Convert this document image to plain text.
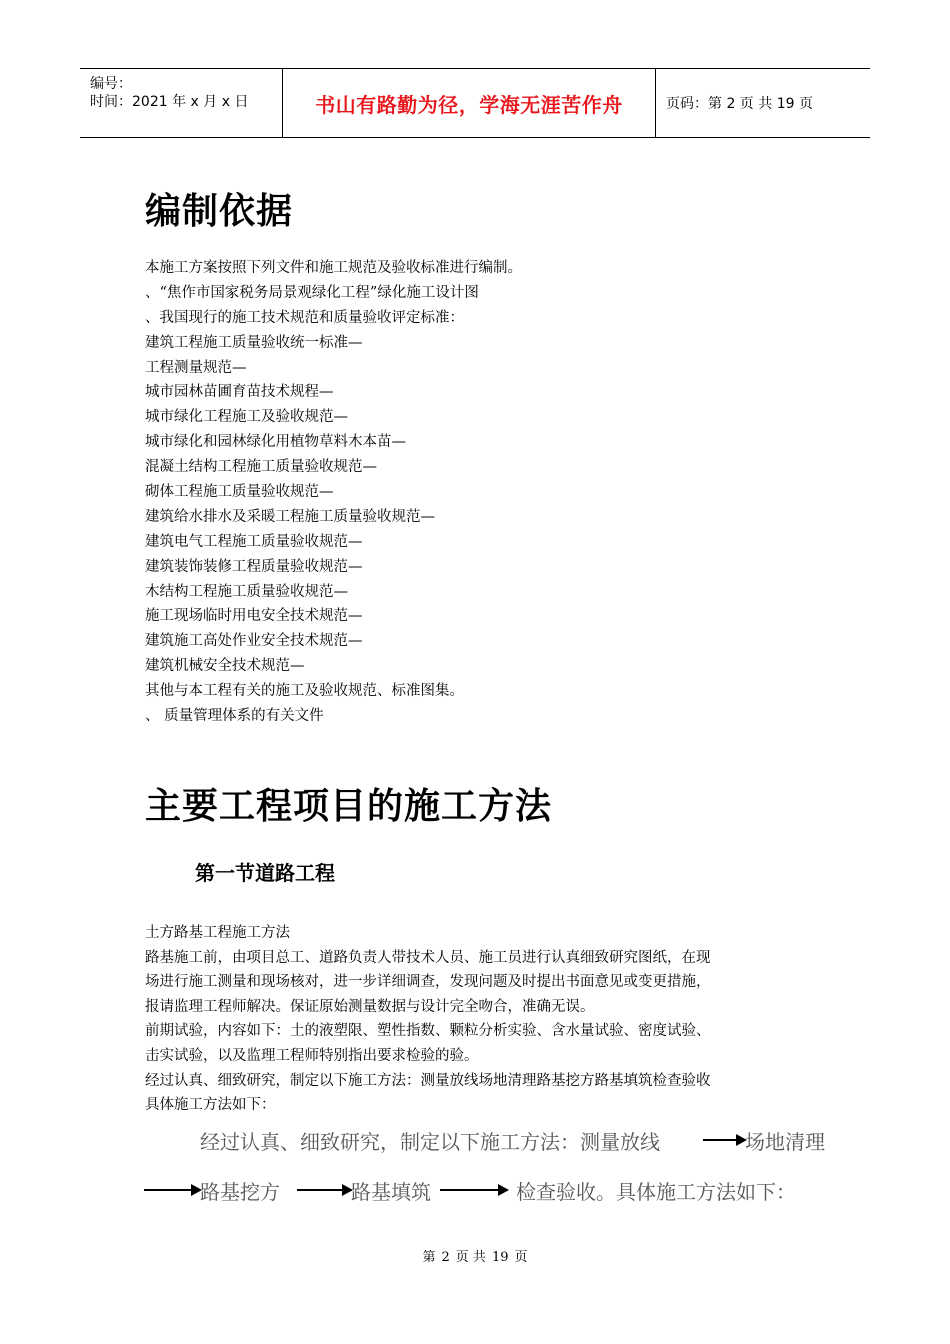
编号：
时间：2021 年 x 月 x 日	书山有路勤为径，学海无涯苦作舟	页码：第 2 页 共 19 页
编制依据
本施工方案按照下列文件和施工规范及验收标准进行编制。
、“焦作市国家税务局景观绿化工程”绿化施工设计图
、我国现行的施工技术规范和质量验收评定标准：
建筑工程施工质量验收统一标准—
工程测量规范—
城市园林苗圃育苗技术规程—
城市绿化工程施工及验收规范—
城市绿化和园林绿化用植物草料木本苗—
混凝土结构工程施工质量验收规范—
砌体工程施工质量验收规范—
建筑给水排水及采暖工程施工质量验收规范—
建筑电气工程施工质量验收规范—
建筑装饰装修工程质量验收规范—
木结构工程施工质量验收规范—
施工现场临时用电安全技术规范—
建筑施工高处作业安全技术规范—
建筑机械安全技术规范—
其他与本工程有关的施工及验收规范、标准图集。
、 质量管理体系的有关文件
主要工程项目的施工方法
第一节道路工程
土方路基工程施工方法
路基施工前，由项目总工、道路负责人带技术人员、施工员进行认真细致研究图纸，在现
场进行施工测量和现场核对，进一步详细调查，发现问题及时提出书面意见或变更措施，
报请监理工程师解决。保证原始测量数据与设计完全吻合，准确无误。
前期试验，内容如下：土的液塑限、塑性指数、颗粒分析实验、含水量试验、密度试验、
击实试验，以及监理工程师特别指出要求检验的验。
经过认真、细致研究，制定以下施工方法：测量放线场地清理路基挖方路基填筑检查验收
具体施工方法如下：
经过认真、细致研究，制定以下施工方法：测量放线	场地清理
路基挖方	路基填筑	检查验收。具体施工方法如下：
第 2 页 共 19 页
